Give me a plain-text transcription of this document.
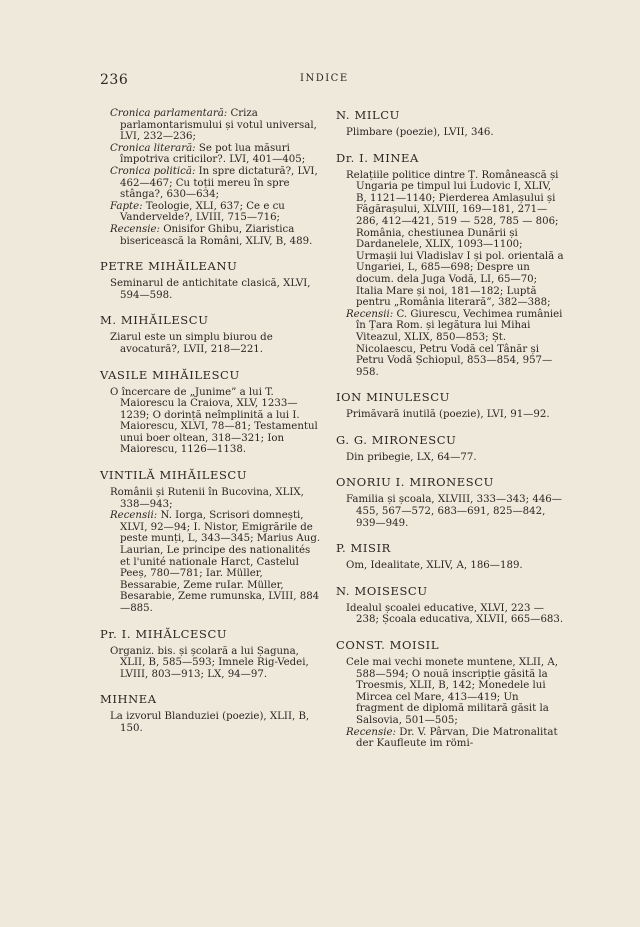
236	INDICE

Cronica parlamentară: Criza parlamontarismului și votul universal, LVI, 232—236;

Cronica literară: Se pot lua măsuri împotriva criticilor?. LVI, 401—405;

Cronica politică: In spre dictatură?, LVI, 462—467; Cu toții mereu în spre stânga?, 630—634;

Fapte: Teologie, XLI, 637; Ce e cu Vandervelde?, LVIII, 715—716;

Recensie: Onisifor Ghibu, Ziaristica bisericească la Români, XLIV, B, 489.

PETRE MIHĂILEANU

Seminarul de antichitate clasică, XLVI, 594—598.

M. MIHĂILESCU

Ziarul este un simplu biurou de avocatură?, LVII, 218—221.

VASILE MIHĂILESCU

O încercare de „Junime” a lui T. Maiorescu la Craiova, XLV, 1233—1239; O dorință neîmplinită a lui I. Maiorescu, XLVI, 78—81; Testamentul unui boer oltean, 318—321; Ion Maiorescu, 1126—1138.

VINTILĂ MIHĂILESCU

Românii și Rutenii în Bucovina, XLIX, 338—943;

Recensii: N. Iorga, Scrisori domnești, XLVI, 92—94; I. Nistor, Emigrările de peste munți, L, 343—345; Marius Aug. Laurian, Le principe des nationalités et l'unité nationale Harct, Castelul Peeș, 780—781; Iar. Müller, Bessarabie, Zeme ruIar. Müller, Besarabie, Zeme rumunska, LVIII, 884—885.

Pr. I. MIHĂLCESCU

Organiz. bis. și școlară a lui Șaguna, XLII, B, 585—593; Imnele Rig-Vedei, LVIII, 803—913; LX, 94—97.

MIHNEA

La izvorul Blanduziei (poezie), XLII, B, 150.

N. MILCU

Plimbare (poezie), LVII, 346.

Dr. I. MINEA

Relațiile politice dintre Ț. Românească și Ungaria pe timpul lui Ludovic I, XLIV, B, 1121—1140; Pierderea Amlașului și Făgărașului, XLVIII, 169—181, 271—286, 412—421, 519 — 528, 785 — 806; România, chestiunea Dunării și Dardanelele, XLIX, 1093—1100; Urmașii lui Vladislav I și pol. orientală a Ungariei, L, 685—698; Despre un docum. dela Juga Vodă, LI, 65—70; Italia Mare și noi, 181—182; Luptă pentru „România literară”, 382—388;

Recensii: C. Giurescu, Vechimea rumâniei în Țara Rom. și legătura lui Mihai Viteazul, XLIX, 850—853; Șt. Nicolaescu, Petru Vodă cel Tânăr și Petru Vodă Șchiopul, 853—854, 957—958.

ION MINULESCU

Primăvară inutilă (poezie), LVI, 91—92.

G. G. MIRONESCU

Din pribegie, LX, 64—77.

ONORIU I. MIRONESCU

Familia și școala, XLVIII, 333—343; 446—455, 567—572, 683—691, 825—842, 939—949.

P. MISIR

Om, Idealitate, XLIV, A, 186—189.

N. MOISESCU

Idealul școalei educative, XLVI, 223 — 238; Școala educativa, XLVII, 665—683.

CONST. MOISIL

Cele mai vechi monete muntene, XLII, A, 588—594; O nouă inscripție găsită la Troesmis, XLII, B, 142; Monedele lui Mircea cel Mare, 413—419; Un fragment de diplomă militară găsit la Salsovia, 501—505;

Recensie: Dr. V. Pârvan, Die Matronalitat der Kaufleute im römi-
